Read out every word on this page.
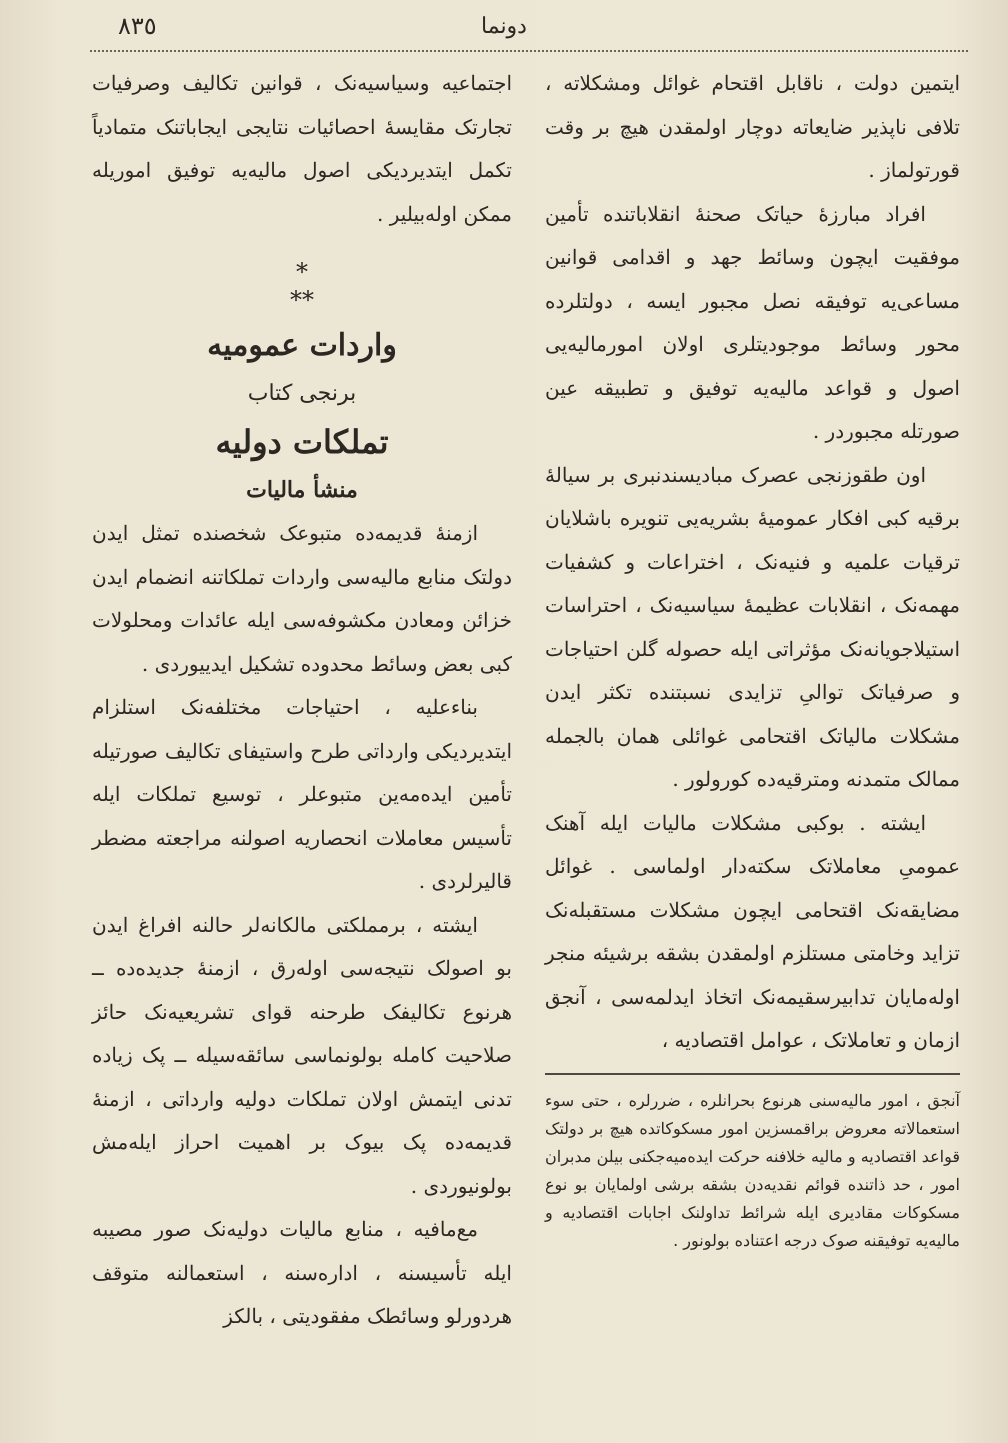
٨٣٥	دونما

ایتمین دولت ، ناقابل اقتحام غوائل ومشکلاته ، تلافی ناپذیر ضایعاته دوچار اولمقدن هیچ بر وقت قورتولماز .

افراد مبارزۀ حیاتک صحنۀ انقلاباتنده تأمین موفقیت ایچون وسائط جهد و اقدامی قوانین مساعی‌یه توفیقه نصل مجبور ایسه ، دولتلرده محور وسائط موجودیتلری اولان امورمالیه‌یی اصول و قواعد مالیه‌یه توفیق و تطبیقه عین صورتله مجبوردر .

اون طقوزنجی عصرک مبادیسندنبری بر سیالۀ برقیه کبی افکار عمومیۀ بشریه‌یی تنویره باشلایان ترقیات علمیه و فنیه‌نک ، اختراعات و کشفیات مهمه‌نک ، انقلابات عظیمۀ سیاسیه‌نک ، احتراسات استیلاجویانه‌نک مؤثراتی ایله حصوله گلن احتیاجات و صرفیاتک توالیِ تزایدی نسبتنده تکثر ایدن مشکلات مالیاتک اقتحامی غوائلی همان بالجمله ممالک متمدنه ومترقیه‌ده کورولور .

ایشته . بوکبی مشکلات مالیات ایله آهنک عمومیِ معاملاتک سکته‌دار اولماسی . غوائل مضایقه‌نک اقتحامی ایچون مشکلات مستقبله‌نک تزاید وخامتی مستلزم اولمقدن بشقه برشیئه منجر اوله‌مایان تدابیرسقیمه‌نک اتخاذ ایدلمه‌سی ، آنجق ازمان و تعاملاتک ، عوامل اقتصادیه ،

آنجق ، امور مالیه‌سنی هرنوع بحرانلره ، ضررلره ، حتی سوء استعمالاته معروض براقمسزین امور مسکوکاتده هیچ بر دولتک قواعد اقتصادیه و مالیه خلافنه حرکت ایده‌میه‌جکنی بیلن مدبران امور ، حد ذاتنده قوائم نقدیه‌دن بشقه برشی اولمایان بو نوع مسکوکات مقادیری ایله شرائط تداولنک اجابات اقتصادیه و مالیه‌یه توفیقنه صوک درجه اعتناده بولونور .

اجتماعیه وسیاسیه‌نک ، قوانین تکالیف وصرفیات تجارتک مقایسۀ احصائیات نتایجی ایجاباتنک متمادیاً تکمل ایتدیردیکی اصول مالیه‌یه توفیق اموریله ممکن اوله‌بیلیر .

*
**
واردات عمومیه
برنجی کتاب
تملکات دولیه
منشأ مالیات

ازمنۀ قدیمه‌ده متبوعک شخصنده تمثل ایدن دولتک منابع مالیه‌سی واردات تملکاتنه انضمام ایدن خزائن ومعادن مکشوفه‌سی ایله عائدات ومحلولات کبی بعض وسائط محدوده تشکیل ایدییوردی .

بناءعلیه ، احتیاجات مختلفه‌نک استلزام ایتدیردیکی وارداتی طرح واستیفای تکالیف صورتیله تأمین ایده‌مه‌ین متبوعلر ، توسیع تملکات ایله تأسیس معاملات انحصاریه اصولنه مراجعته مضطر قالیرلردی .

ایشته ، برمملکتی مالکانه‌لر حالنه افراغ ایدن بو اصولک نتیجه‌سی اوله‌رق ، ازمنۀ جدیده‌ده ــ هرنوع تکالیفک طرحنه قوای تشریعیه‌نک حائز صلاحیت کامله بولونماسی سائقه‌سیله ــ پک زیاده تدنی ایتمش اولان تملکات دولیه وارداتی ، ازمنۀ قدیمه‌ده پک بیوک بر اهمیت احراز ایلەمش بولونیوردی .

مع‌مافیه ، منابع مالیات دولیه‌نک صور مصیبه ایله تأسیسنه ، اداره‌سنه ، استعمالنه متوقف هردورلو وسائطک مفقودیتی ، بالکز
